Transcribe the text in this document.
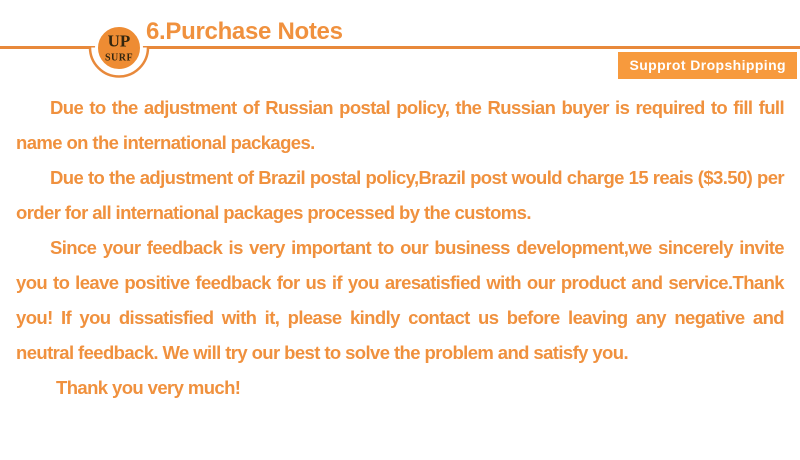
UP
SURF
6.Purchase Notes
Supprot Dropshipping

Due to the adjustment of Russian postal policy, the Russian buyer is required to fill full name on the international packages.

Due to the adjustment of Brazil postal policy,Brazil post would charge 15 reais ($3.50) per order for all international packages processed by the customs.

Since your feedback is very important to our business development,we sincerely invite you to leave positive feedback for us if you aresatisfied with our product and service.Thank you! If you dissatisfied with it, please kindly contact us before leaving any negative and neutral feedback. We will try our best to solve the problem and satisfy you.

Thank you very much!
